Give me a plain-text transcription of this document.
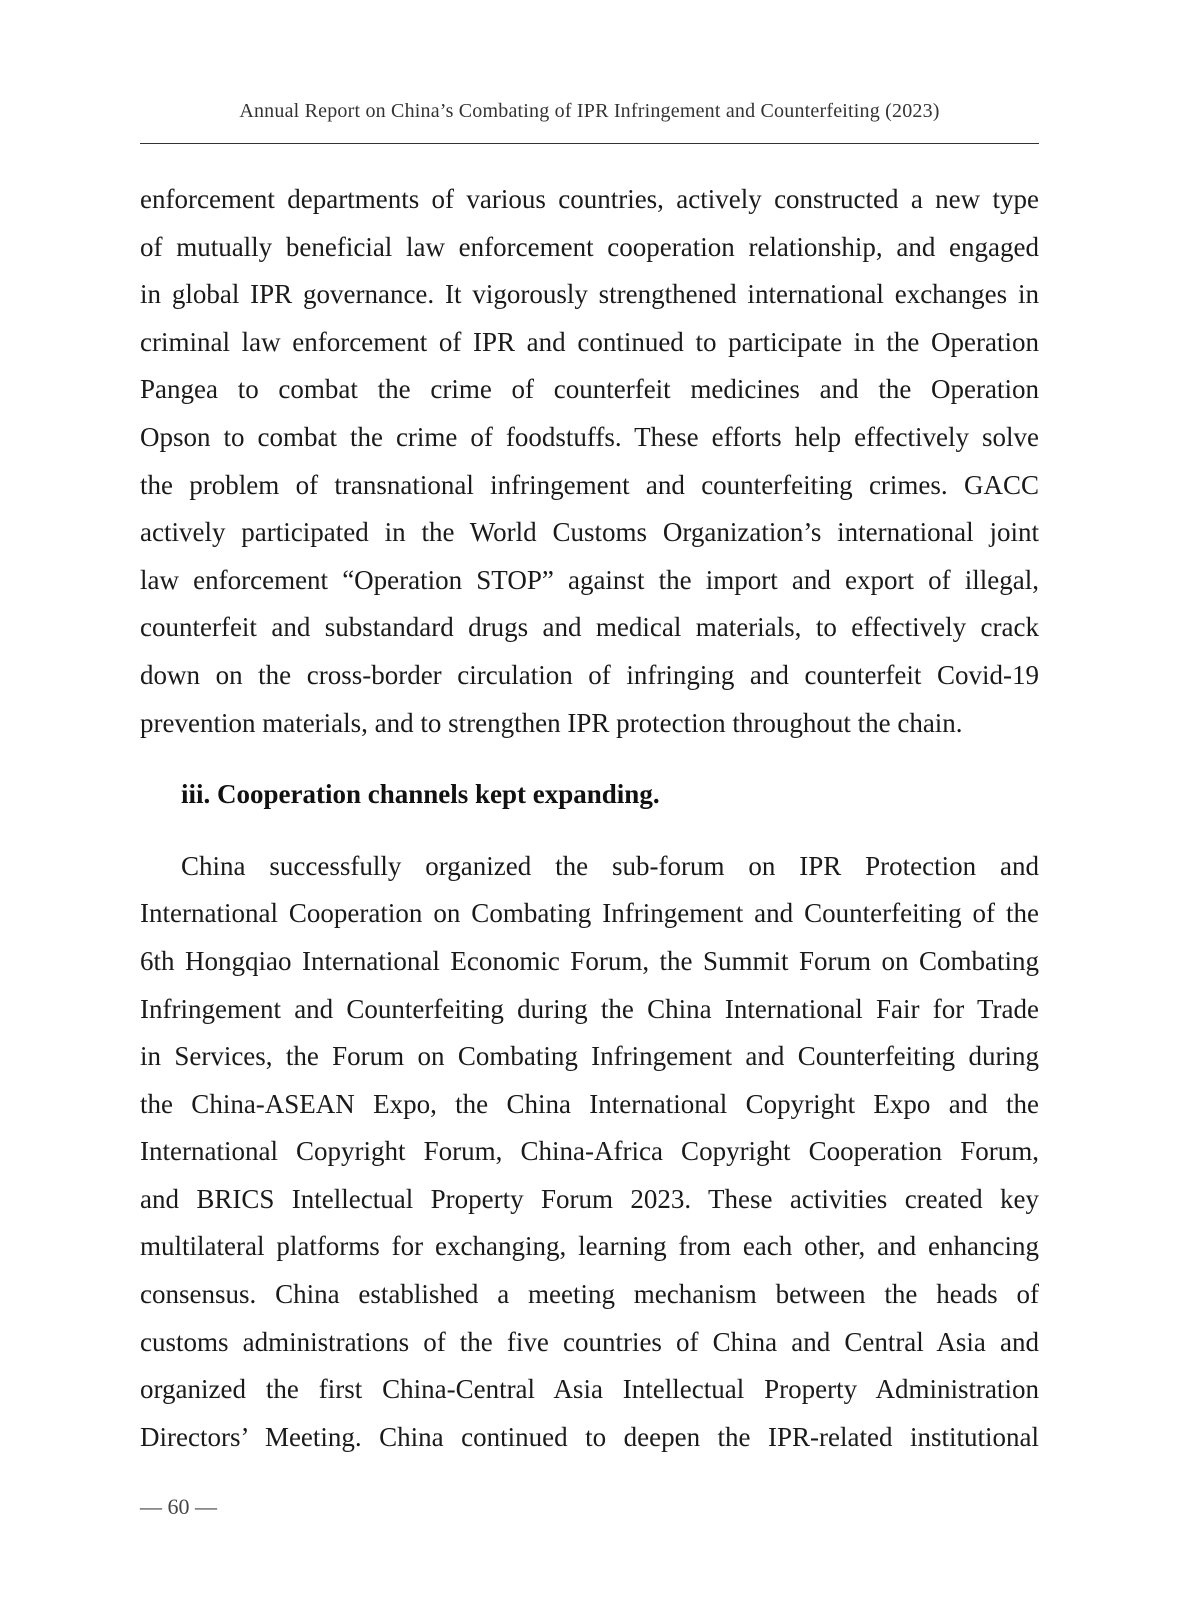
Annual Report on China’s Combating of IPR Infringement and Counterfeiting (2023)
enforcement departments of various countries, actively constructed a new type
of mutually beneficial law enforcement cooperation relationship, and engaged
in global IPR governance. It vigorously strengthened international exchanges in
criminal law enforcement of IPR and continued to participate in the Operation
Pangea to combat the crime of counterfeit medicines and the Operation
Opson to combat the crime of foodstuffs. These efforts help effectively solve
the problem of transnational infringement and counterfeiting crimes. GACC
actively participated in the World Customs Organization’s international joint
law enforcement “Operation STOP” against the import and export of illegal,
counterfeit and substandard drugs and medical materials, to effectively crack
down on the cross-border circulation of infringing and counterfeit Covid-19
prevention materials, and to strengthen IPR protection throughout the chain.
iii. Cooperation channels kept expanding.
China successfully organized the sub-forum on IPR Protection and
International Cooperation on Combating Infringement and Counterfeiting of the
6th Hongqiao International Economic Forum, the Summit Forum on Combating
Infringement and Counterfeiting during the China International Fair for Trade
in Services, the Forum on Combating Infringement and Counterfeiting during
the China-ASEAN Expo, the China International Copyright Expo and the
International Copyright Forum, China-Africa Copyright Cooperation Forum,
and BRICS Intellectual Property Forum 2023. These activities created key
multilateral platforms for exchanging, learning from each other, and enhancing
consensus. China established a meeting mechanism between the heads of
customs administrations of the five countries of China and Central Asia and
organized the first China-Central Asia Intellectual Property Administration
Directors’ Meeting. China continued to deepen the IPR-related institutional
— 60 —
